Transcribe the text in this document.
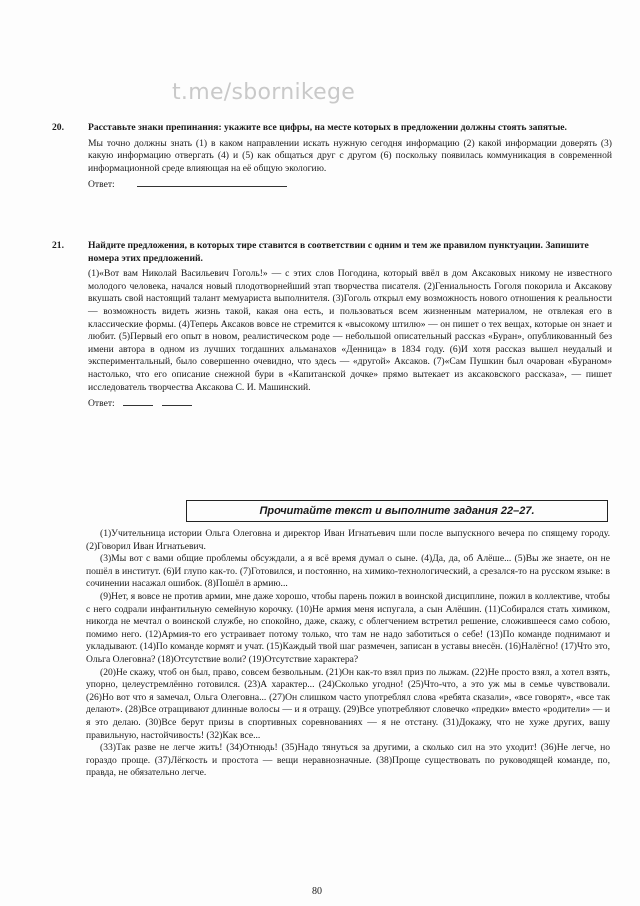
t.me/sbornikege
20.	Расставьте знаки препинания: укажите все цифры, на месте которых в предложении должны стоять запятые.
Мы точно должны знать (1) в каком направлении искать нужную сегодня информацию (2) какой информации доверять (3) какую информацию отвергать (4) и (5) как общаться друг с другом (6) поскольку появилась коммуникация в современной информационной среде влияющая на её общую экологию.
Ответ:
21.	Найдите предложения, в которых тире ставится в соответствии с одним и тем же правилом пунктуации. Запишите номера этих предложений.
(1)«Вот вам Николай Васильевич Гоголь!» — с этих слов Погодина, который ввёл в дом Аксаковых никому не известного молодого человека, начался новый плодотворнейший этап творчества писателя. (2)Гениальность Гоголя покорила и Аксакову вкушать свой настоящий талант мемуариста выполнителя. (3)Гоголь открыл ему возможность нового отношения к реальности — возможность видеть жизнь такой, какая она есть, и пользоваться всем жизненным материалом, не отвлекая его в классические формы. (4)Теперь Аксаков вовсе не стремится к «высокому штилю» — он пишет о тех вещах, которые он знает и любит. (5)Первый его опыт в новом, реалистическом роде — небольшой описательный рассказ «Буран», опубликованный без имени автора в одном из лучших тогдашних альманахов «Денница» в 1834 году. (6)И хотя рассказ вышел неудалый и экспериментальный, было совершенно очевидно, что здесь — «другой» Аксаков. (7)«Сам Пушкин был очарован «Бураном» настолько, что его описание снежной бури в «Капитанской дочке» прямо вытекает из аксаковского рассказа», — пишет исследователь творчества Аксакова С. И. Машинский.
Ответ:
Прочитайте текст и выполните задания 22–27.

(1)Учительница истории Ольга Олеговна и директор Иван Игнатьевич шли после выпускного вечера по спящему городу. (2)Говорил Иван Игнатьевич.

(3)Мы вот с вами общие проблемы обсуждали, а я всё время думал о сыне. (4)Да, да, об Алёше... (5)Вы же знаете, он не пошёл в институт. (6)И глупо как-то. (7)Готовился, и постоянно, на химико-технологический, а срезался-то на русском языке: в сочинении насажал ошибок. (8)Пошёл в армию...

(9)Нет, я вовсе не против армии, мне даже хорошо, чтобы парень пожил в воинской дисциплине, пожил в коллективе, чтобы с него содрали инфантильную семейную корочку. (10)Не армия меня испугала, а сын Алёшин. (11)Собирался стать химиком, никогда не мечтал о воинской службе, но спокойно, даже, скажу, с облегчением встретил решение, сложившееся само собою, помимо него. (12)Армия-то его устраивает потому только, что там не надо заботиться о себе! (13)По команде поднимают и укладывают. (14)По команде кормят и учат. (15)Каждый твой шаг размечен, записан в уставы внесён. (16)Налёгно! (17)Что это, Ольга Олеговна? (18)Отсутствие воли? (19)Отсутствие характера?

(20)Не скажу, чтоб он был, право, совсем безвольным. (21)Он как-то взял приз по лыжам. (22)Не просто взял, а хотел взять, упорно, целеустремлённо готовился. (23)А характер... (24)Сколько угодно! (25)Что-что, а это уж мы в семье чувствовали. (26)Но вот что я замечал, Ольга Олеговна... (27)Он слишком часто употреблял слова «ребята сказали», «все говорят», «все так делают». (28)Все отращивают длинные волосы — и я отращу. (29)Все употребляют словечко «предки» вместо «родители» — и я это делаю. (30)Все берут призы в спортивных соревнованиях — я не отстану. (31)Докажу, что не хуже других, вашу правильную, настойчивость! (32)Как все...

(33)Так разве не легче жить! (34)Отнюдь! (35)Надо тянуться за другими, а сколько сил на это уходит! (36)Не легче, но гораздо проще. (37)Лёгкость и простота — вещи неравнозначные. (38)Проще существовать по руководящей команде, по, правда, не обязательно легче.

80
